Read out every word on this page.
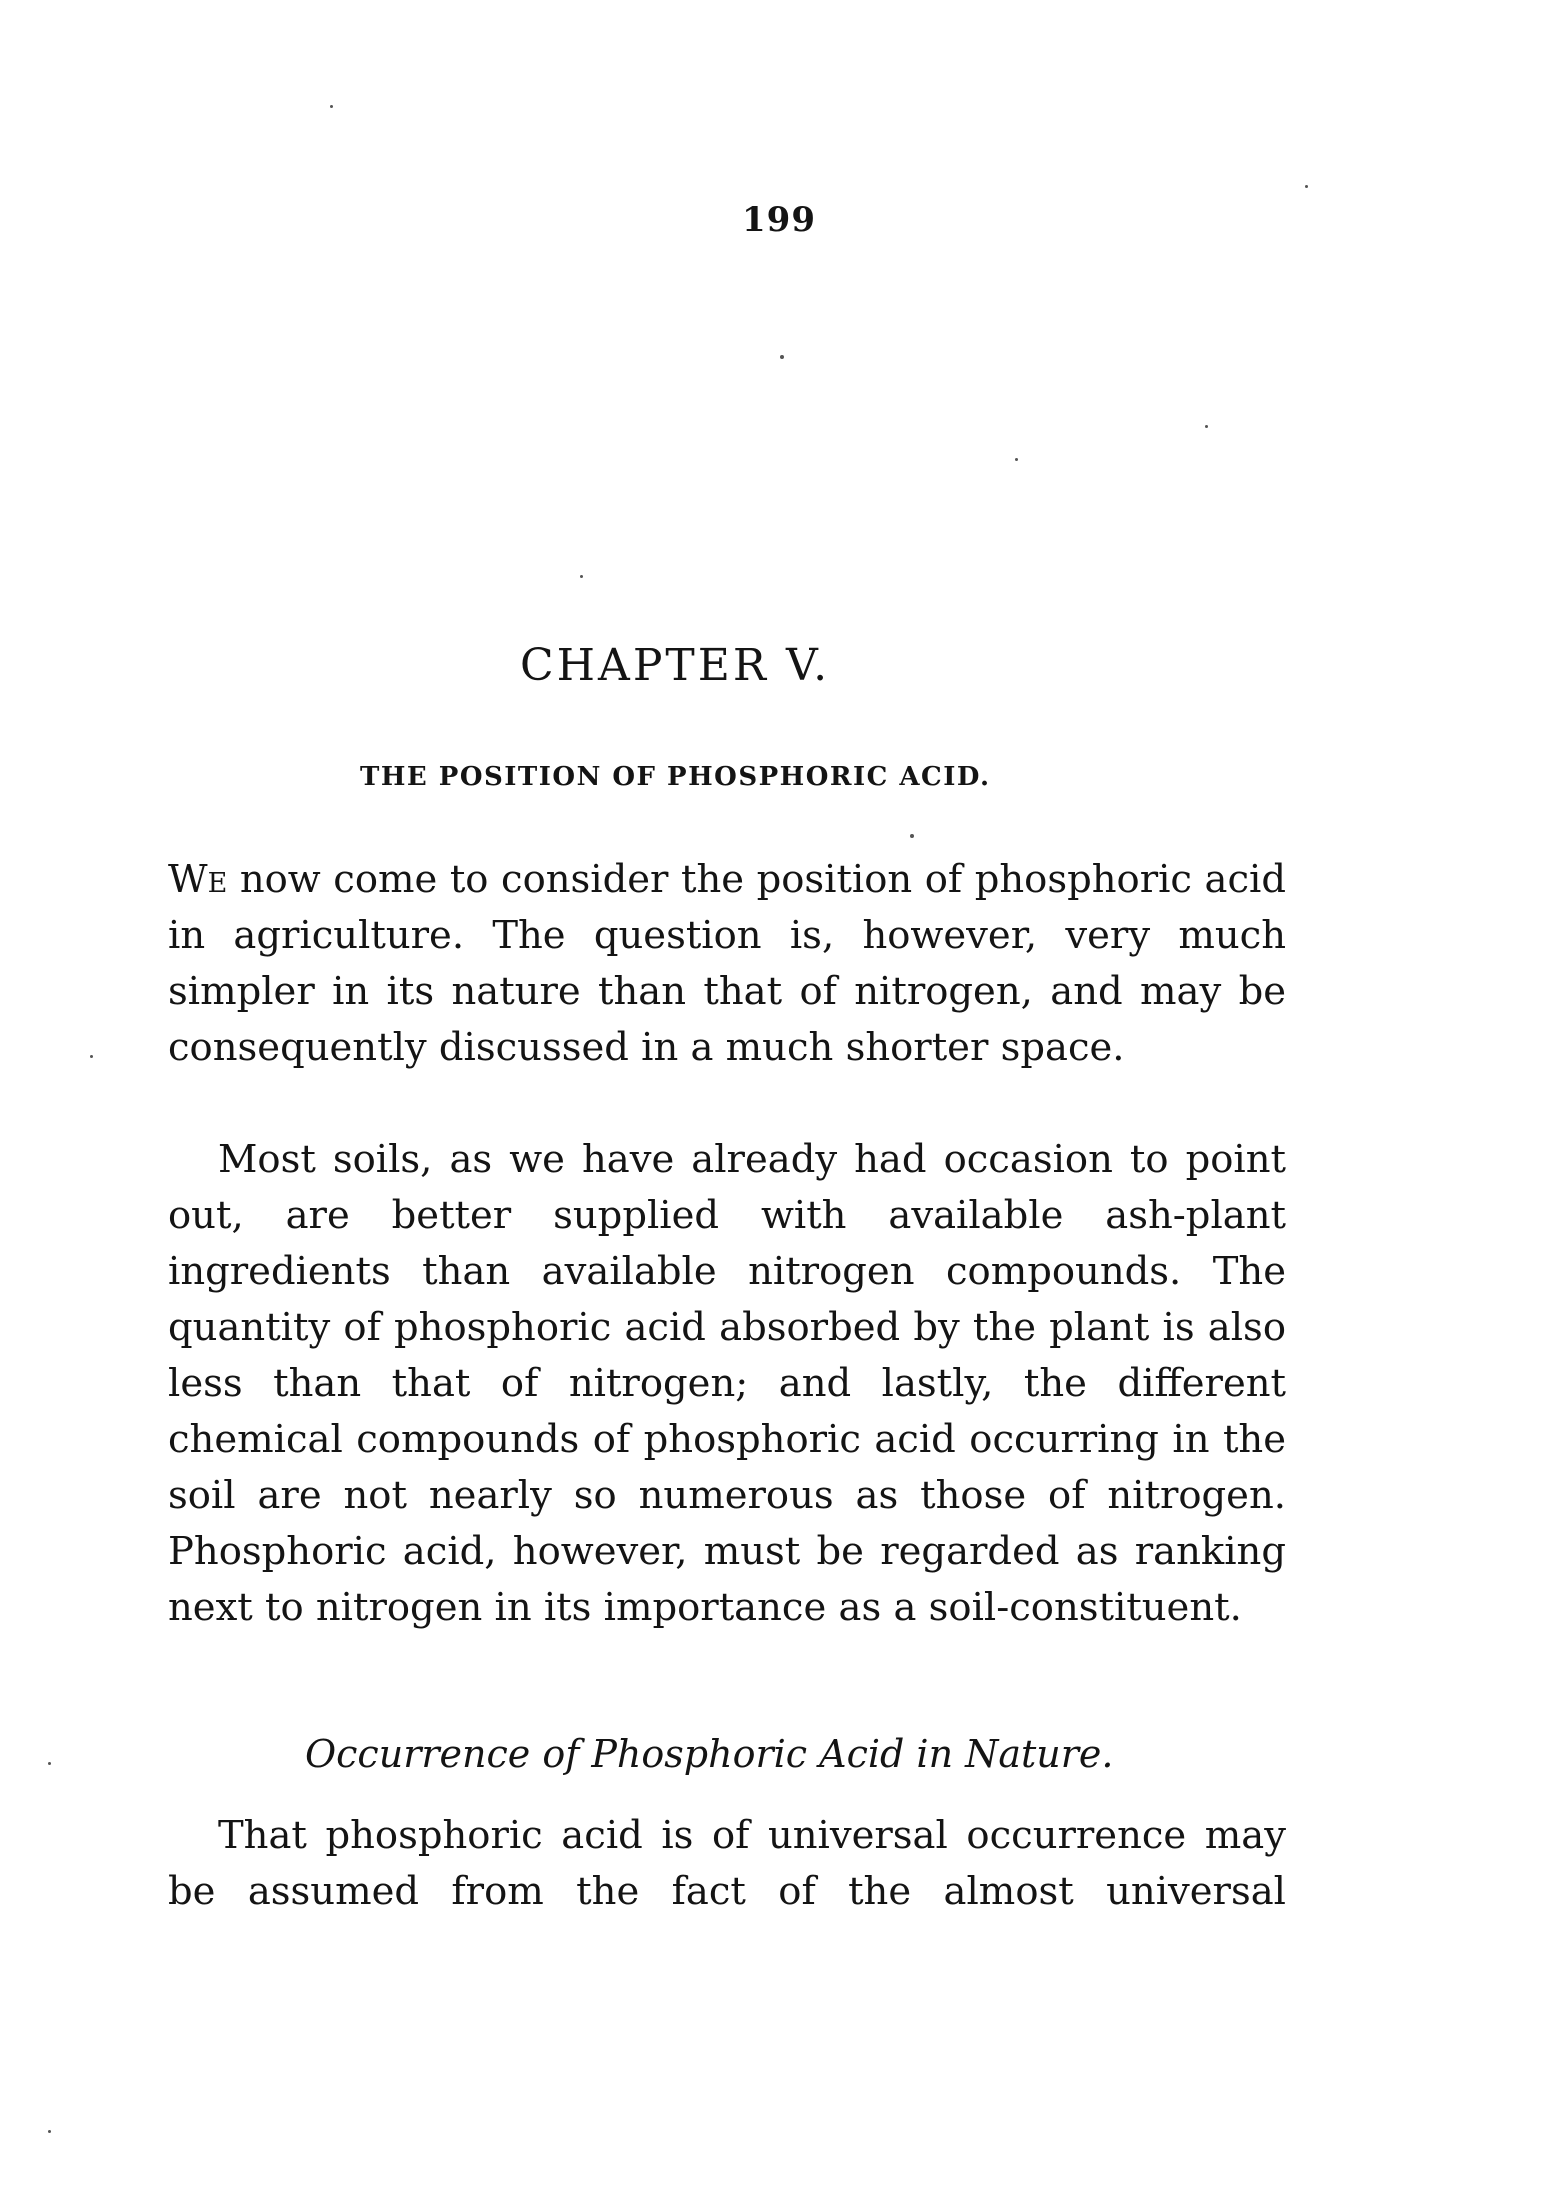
199
CHAPTER V.
THE POSITION OF PHOSPHORIC ACID.

We now come to consider the position of phosphoric acid in agriculture. The question is, however, very much simpler in its nature than that of nitrogen, and may be consequently discussed in a much shorter space.

Most soils, as we have already had occasion to point out, are better supplied with available ash-plant ingredients than available nitrogen compounds. The quantity of phosphoric acid absorbed by the plant is also less than that of nitrogen; and lastly, the different chemical compounds of phosphoric acid occurring in the soil are not nearly so numerous as those of nitrogen. Phosphoric acid, however, must be regarded as ranking next to nitrogen in its importance as a soil-constituent.

Occurrence of Phosphoric Acid in Nature.

That phosphoric acid is of universal occurrence may be assumed from the fact of the almost universal
